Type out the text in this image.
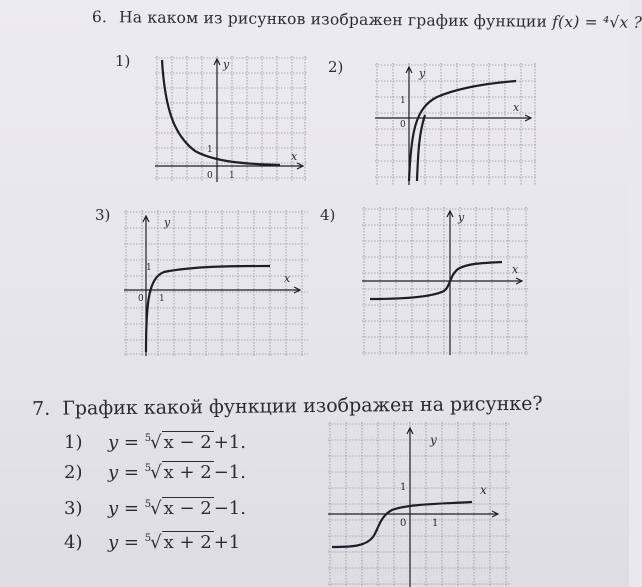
6. На каком из рисунков изображен график функции f(x) = ⁴√x ?
1)	2)
3)	4)
y
x
0
1
1
y
x
0
1
y
x
0
1
1
y
x
7. График какой функции изображен на рисунке?
1) y = $^5$√ x − 2 +1.
2) y = $^5$√ x + 2 −1.
3) y = $^5$√ x − 2 −1.
4) y = $^5$√ x + 2 +1
y
x
1
0	1
